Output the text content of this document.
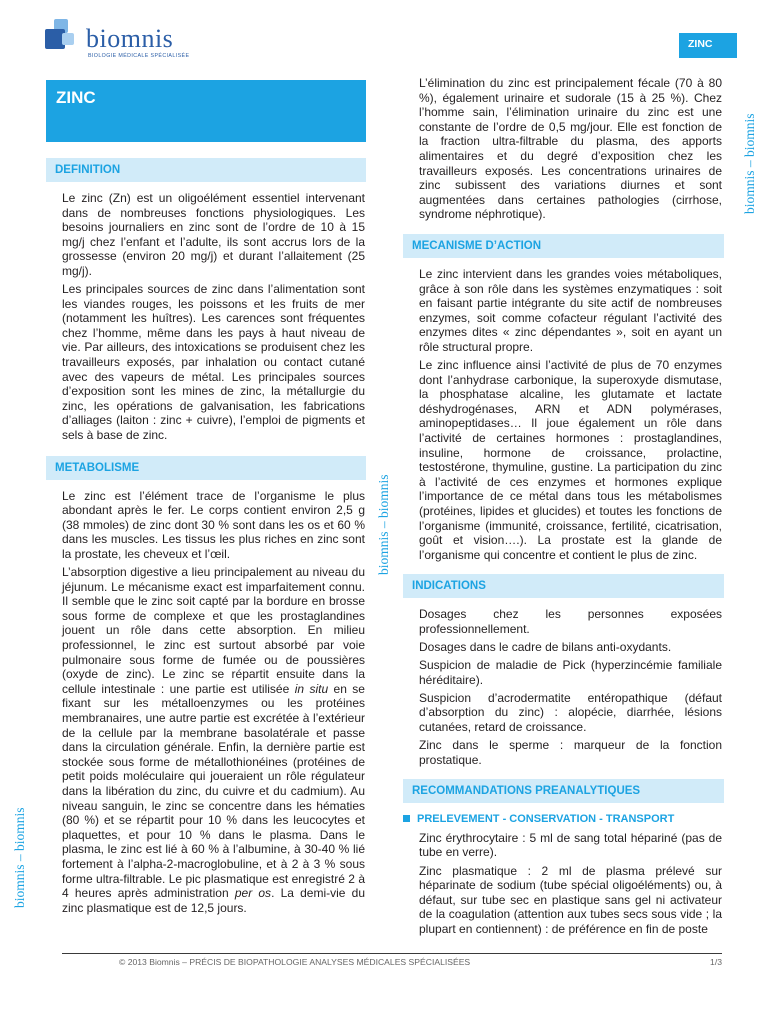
biomnis
BIOLOGIE MÉDICALE SPÉCIALISÉE
ZINC
ZINC
biomnis – biomnis
biomnis – biomnis
biomnis – biomnis
DEFINITION

Le zinc (Zn) est un oligoélément essentiel intervenant dans de nombreuses fonctions physiologiques. Les besoins journaliers en zinc sont de l’ordre de 10 à 15 mg/j chez l’enfant et l’adulte, ils sont accrus lors de la grossesse (environ 20 mg/j) et durant l’allaitement (25 mg/j).

Les principales sources de zinc dans l’alimentation sont les viandes rouges, les poissons et les fruits de mer (notamment les huîtres). Les carences sont fréquentes chez l’homme, même dans les pays à haut niveau de vie. Par ailleurs, des intoxications se produisent chez les travailleurs exposés, par inhalation ou contact cutané avec des vapeurs de métal. Les principales sources d’exposition sont les mines de zinc, la métallurgie du zinc, les opérations de galvanisation, les fabrications d’alliages (laiton : zinc + cuivre), l’emploi de pigments et sels à base de zinc.

METABOLISME

Le zinc est l’élément trace de l’organisme le plus abondant après le fer. Le corps contient environ 2,5 g (38 mmoles) de zinc dont 30 % sont dans les os et 60 % dans les muscles. Les tissus les plus riches en zinc sont la prostate, les cheveux et l’œil.

L’absorption digestive a lieu principalement au niveau du jéjunum. Le mécanisme exact est imparfaitement connu. Il semble que le zinc soit capté par la bordure en brosse sous forme de complexe et que les prostaglandines jouent un rôle dans cette absorption. En milieu professionnel, le zinc est surtout absorbé par voie pulmonaire sous forme de fumée ou de poussières (oxyde de zinc). Le zinc se répartit ensuite dans la cellule intestinale : une partie est utilisée in situ en se fixant sur les métalloenzymes ou les protéines membranaires, une autre partie est excrétée à l’extérieur de la cellule par la membrane basolatérale et passe dans la circulation générale. Enfin, la dernière partie est stockée sous forme de métallothionéines (protéines de petit poids moléculaire qui joueraient un rôle régulateur dans la libération du zinc, du cuivre et du cadmium). Au niveau sanguin, le zinc se concentre dans les hématies (80 %) et se répartit pour 10 % dans les leucocytes et plaquettes, et pour 10 % dans le plasma. Dans le plasma, le zinc est lié à 60 % à l’albumine, à 30-40 % lié fortement à l’alpha-2-macroglobuline, et à 2 à 3 % sous forme ultra-filtrable. Le pic plasmatique est enregistré 2 à 4 heures après administration per os. La demi-vie du zinc plasmatique est de 12,5 jours.

L’élimination du zinc est principalement fécale (70 à 80 %), également urinaire et sudorale (15 à 25 %). Chez l’homme sain, l’élimination urinaire du zinc est une constante de l’ordre de 0,5 mg/jour. Elle est fonction de la fraction ultra-filtrable du plasma, des apports alimentaires et du degré d’exposition chez les travailleurs exposés. Les concentrations urinaires de zinc subissent des variations diurnes et sont augmentées dans certaines pathologies (cirrhose, syndrome néphrotique).

MECANISME D’ACTION

Le zinc intervient dans les grandes voies métaboliques, grâce à son rôle dans les systèmes enzymatiques : soit en faisant partie intégrante du site actif de nombreuses enzymes, soit comme cofacteur régulant l’activité des enzymes dites « zinc dépendantes », soit en ayant un rôle structural propre.

Le zinc influence ainsi l’activité de plus de 70 enzymes dont l’anhydrase carbonique, la superoxyde dismutase, la phosphatase alcaline, les glutamate et lactate déshydrogénases, ARN et ADN polymérases, aminopeptidases… Il joue également un rôle dans l’activité de certaines hormones : prostaglandines, insuline, hormone de croissance, prolactine, testostérone, thymuline, gustine. La participation du zinc à l’activité de ces enzymes et hormones explique l’importance de ce métal dans tous les métabolismes (protéines, lipides et glucides) et toutes les fonctions de l’organisme (immunité, croissance, fertilité, cicatrisation, goût et vision….). La prostate est la glande de l’organisme qui concentre et contient le plus de zinc.

INDICATIONS

Dosages chez les personnes exposées professionnellement.

Dosages dans le cadre de bilans anti-oxydants.

Suspicion de maladie de Pick (hyperzincémie familiale héréditaire).

Suspicion d’acrodermatite entéropathique (défaut d’absorption du zinc) : alopécie, diarrhée, lésions cutanées, retard de croissance.

Zinc dans le sperme : marqueur de la fonction prostatique.

RECOMMANDATIONS PREANALYTIQUES
PRELEVEMENT - CONSERVATION - TRANSPORT

Zinc érythrocytaire : 5 ml de sang total hépariné (pas de tube en verre).

Zinc plasmatique : 2 ml de plasma prélevé sur héparinate de sodium (tube spécial oligoéléments) ou, à défaut, sur tube sec en plastique sans gel ni activateur de la coagulation (attention aux tubes secs sous vide ; la plupart en contiennent) : de préférence en fin de poste

© 2013 Biomnis – PRÉCIS DE BIOPATHOLOGIE ANALYSES MÉDICALES SPÉCIALISÉES	1/3
